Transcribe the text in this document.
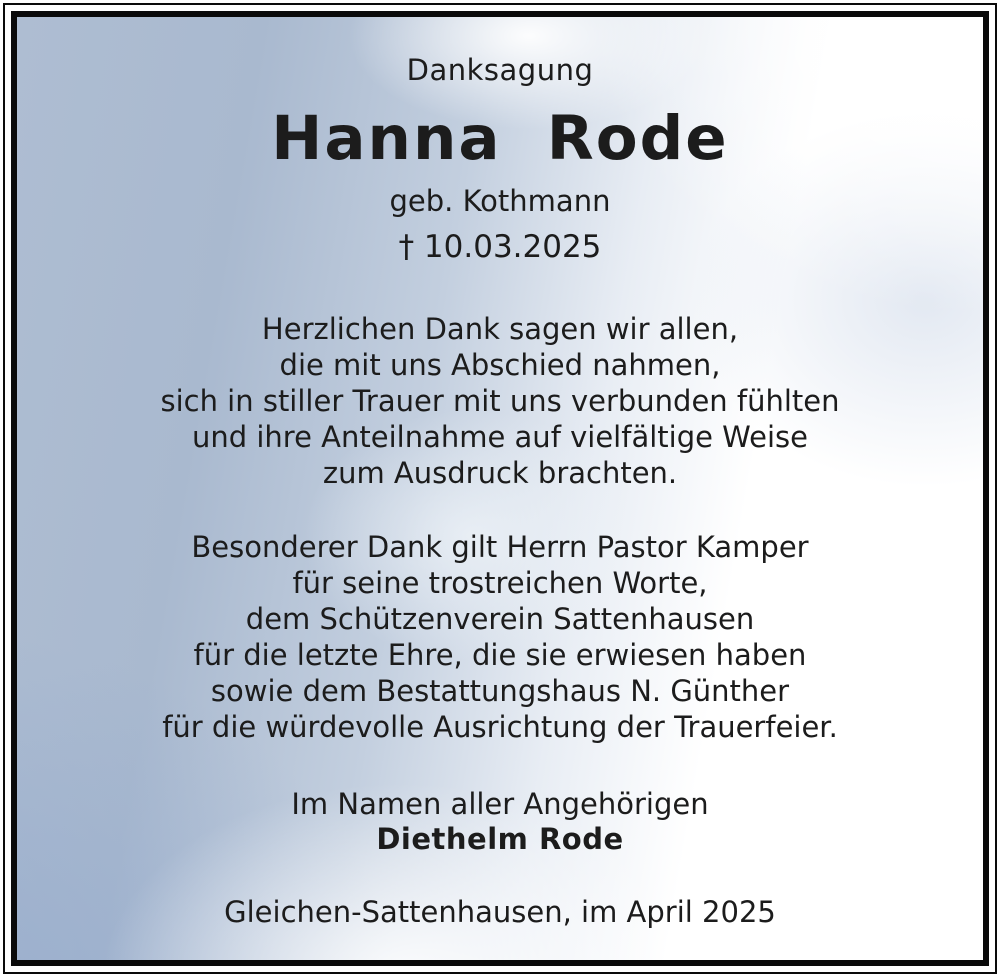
Danksagung
Hanna Rode
geb. Kothmann
† 10.03.2025
Herzlichen Dank sagen wir allen,
die mit uns Abschied nahmen,
sich in stiller Trauer mit uns verbunden fühlten
und ihre Anteilnahme auf vielfältige Weise
zum Ausdruck brachten.
Besonderer Dank gilt Herrn Pastor Kamper
für seine trostreichen Worte,
dem Schützenverein Sattenhausen
für die letzte Ehre, die sie erwiesen haben
sowie dem Bestattungshaus N. Günther
für die würdevolle Ausrichtung der Trauerfeier.
Im Namen aller Angehörigen
Diethelm Rode
Gleichen-Sattenhausen, im April 2025
